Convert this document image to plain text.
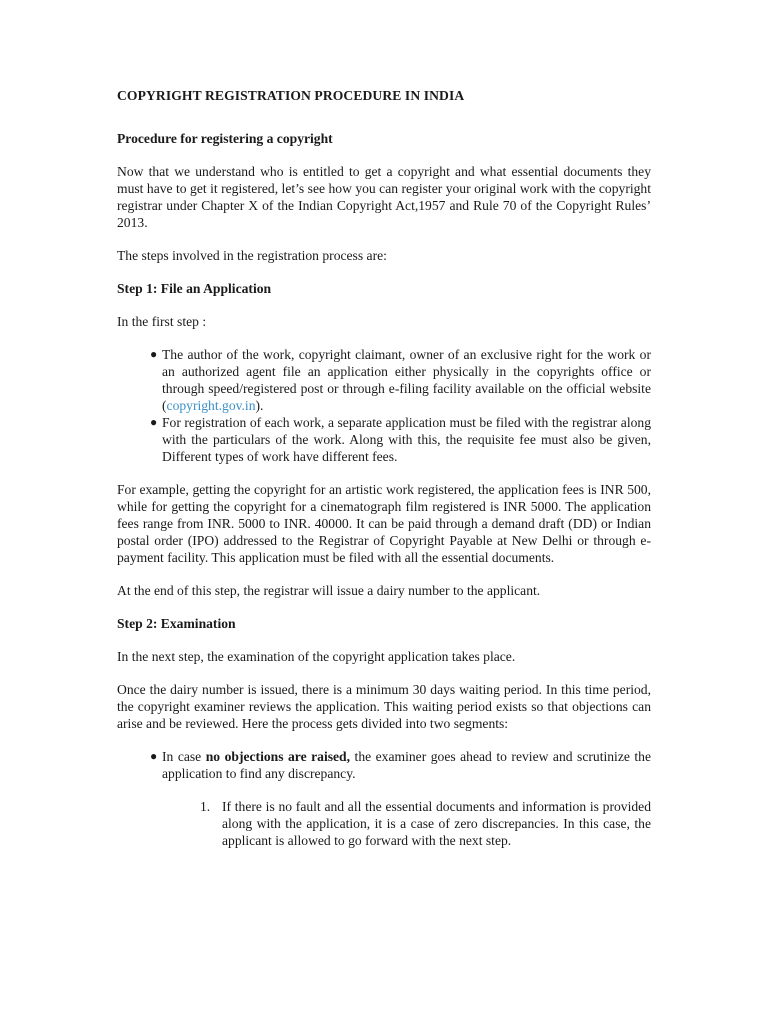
COPYRIGHT REGISTRATION PROCEDURE IN INDIA
Procedure for registering a copyright

Now that we understand who is entitled to get a copyright and what essential documents they must have to get it registered, let’s see how you can register your original work with the copyright registrar under Chapter X of the Indian Copyright Act,1957 and Rule 70 of the Copyright Rules’ 2013.

The steps involved in the registration process are:

Step 1: File an Application

In the first step :

● The author of the work, copyright claimant, owner of an exclusive right for the work or an authorized agent file an application either physically in the copyrights office or through speed/registered post or through e-filing facility available on the official website (copyright.gov.in).
● For registration of each work, a separate application must be filed with the registrar along with the particulars of the work. Along with this, the requisite fee must also be given, Different types of work have different fees.

For example, getting the copyright for an artistic work registered, the application fees is INR 500, while for getting the copyright for a cinematograph film registered is INR 5000. The application fees range from INR. 5000 to INR. 40000. It can be paid through a demand draft (DD) or Indian postal order (IPO) addressed to the Registrar of Copyright Payable at New Delhi or through e-payment facility. This application must be filed with all the essential documents.

At the end of this step, the registrar will issue a dairy number to the applicant.

Step 2: Examination

In the next step, the examination of the copyright application takes place.

Once the dairy number is issued, there is a minimum 30 days waiting period. In this time period, the copyright examiner reviews the application. This waiting period exists so that objections can arise and be reviewed. Here the process gets divided into two segments:

● In case no objections are raised, the examiner goes ahead to review and scrutinize the application to find any discrepancy.
1. If there is no fault and all the essential documents and information is provided along with the application, it is a case of zero discrepancies. In this case, the applicant is allowed to go forward with the next step.
